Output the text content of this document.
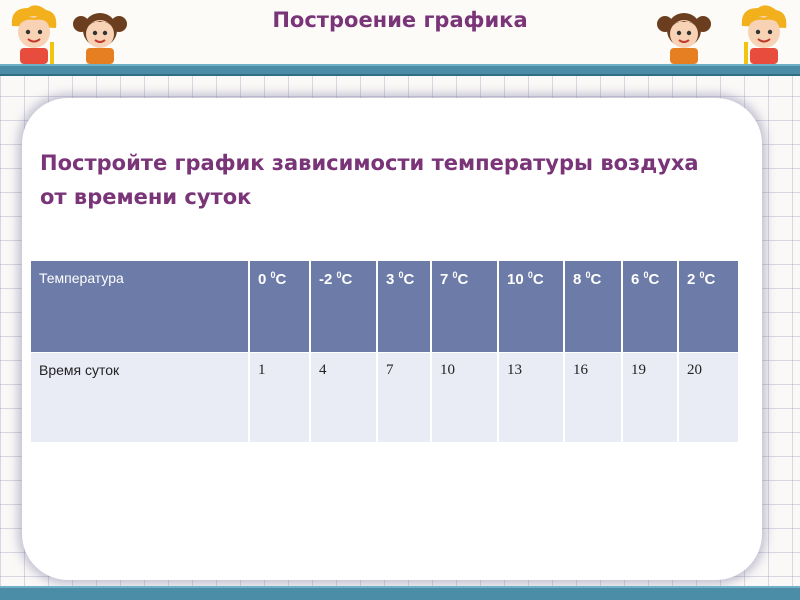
Построение графика
Постройте график зависимости температуры воздуха от времени суток
Температура	0 $^0$С	-2 $^0$С	3 $^0$С	7 $^0$С	10 $^0$С	8 $^0$С	6 $^0$С	2 $^0$С
Время суток	1	4	7	10	13	16	19	20
